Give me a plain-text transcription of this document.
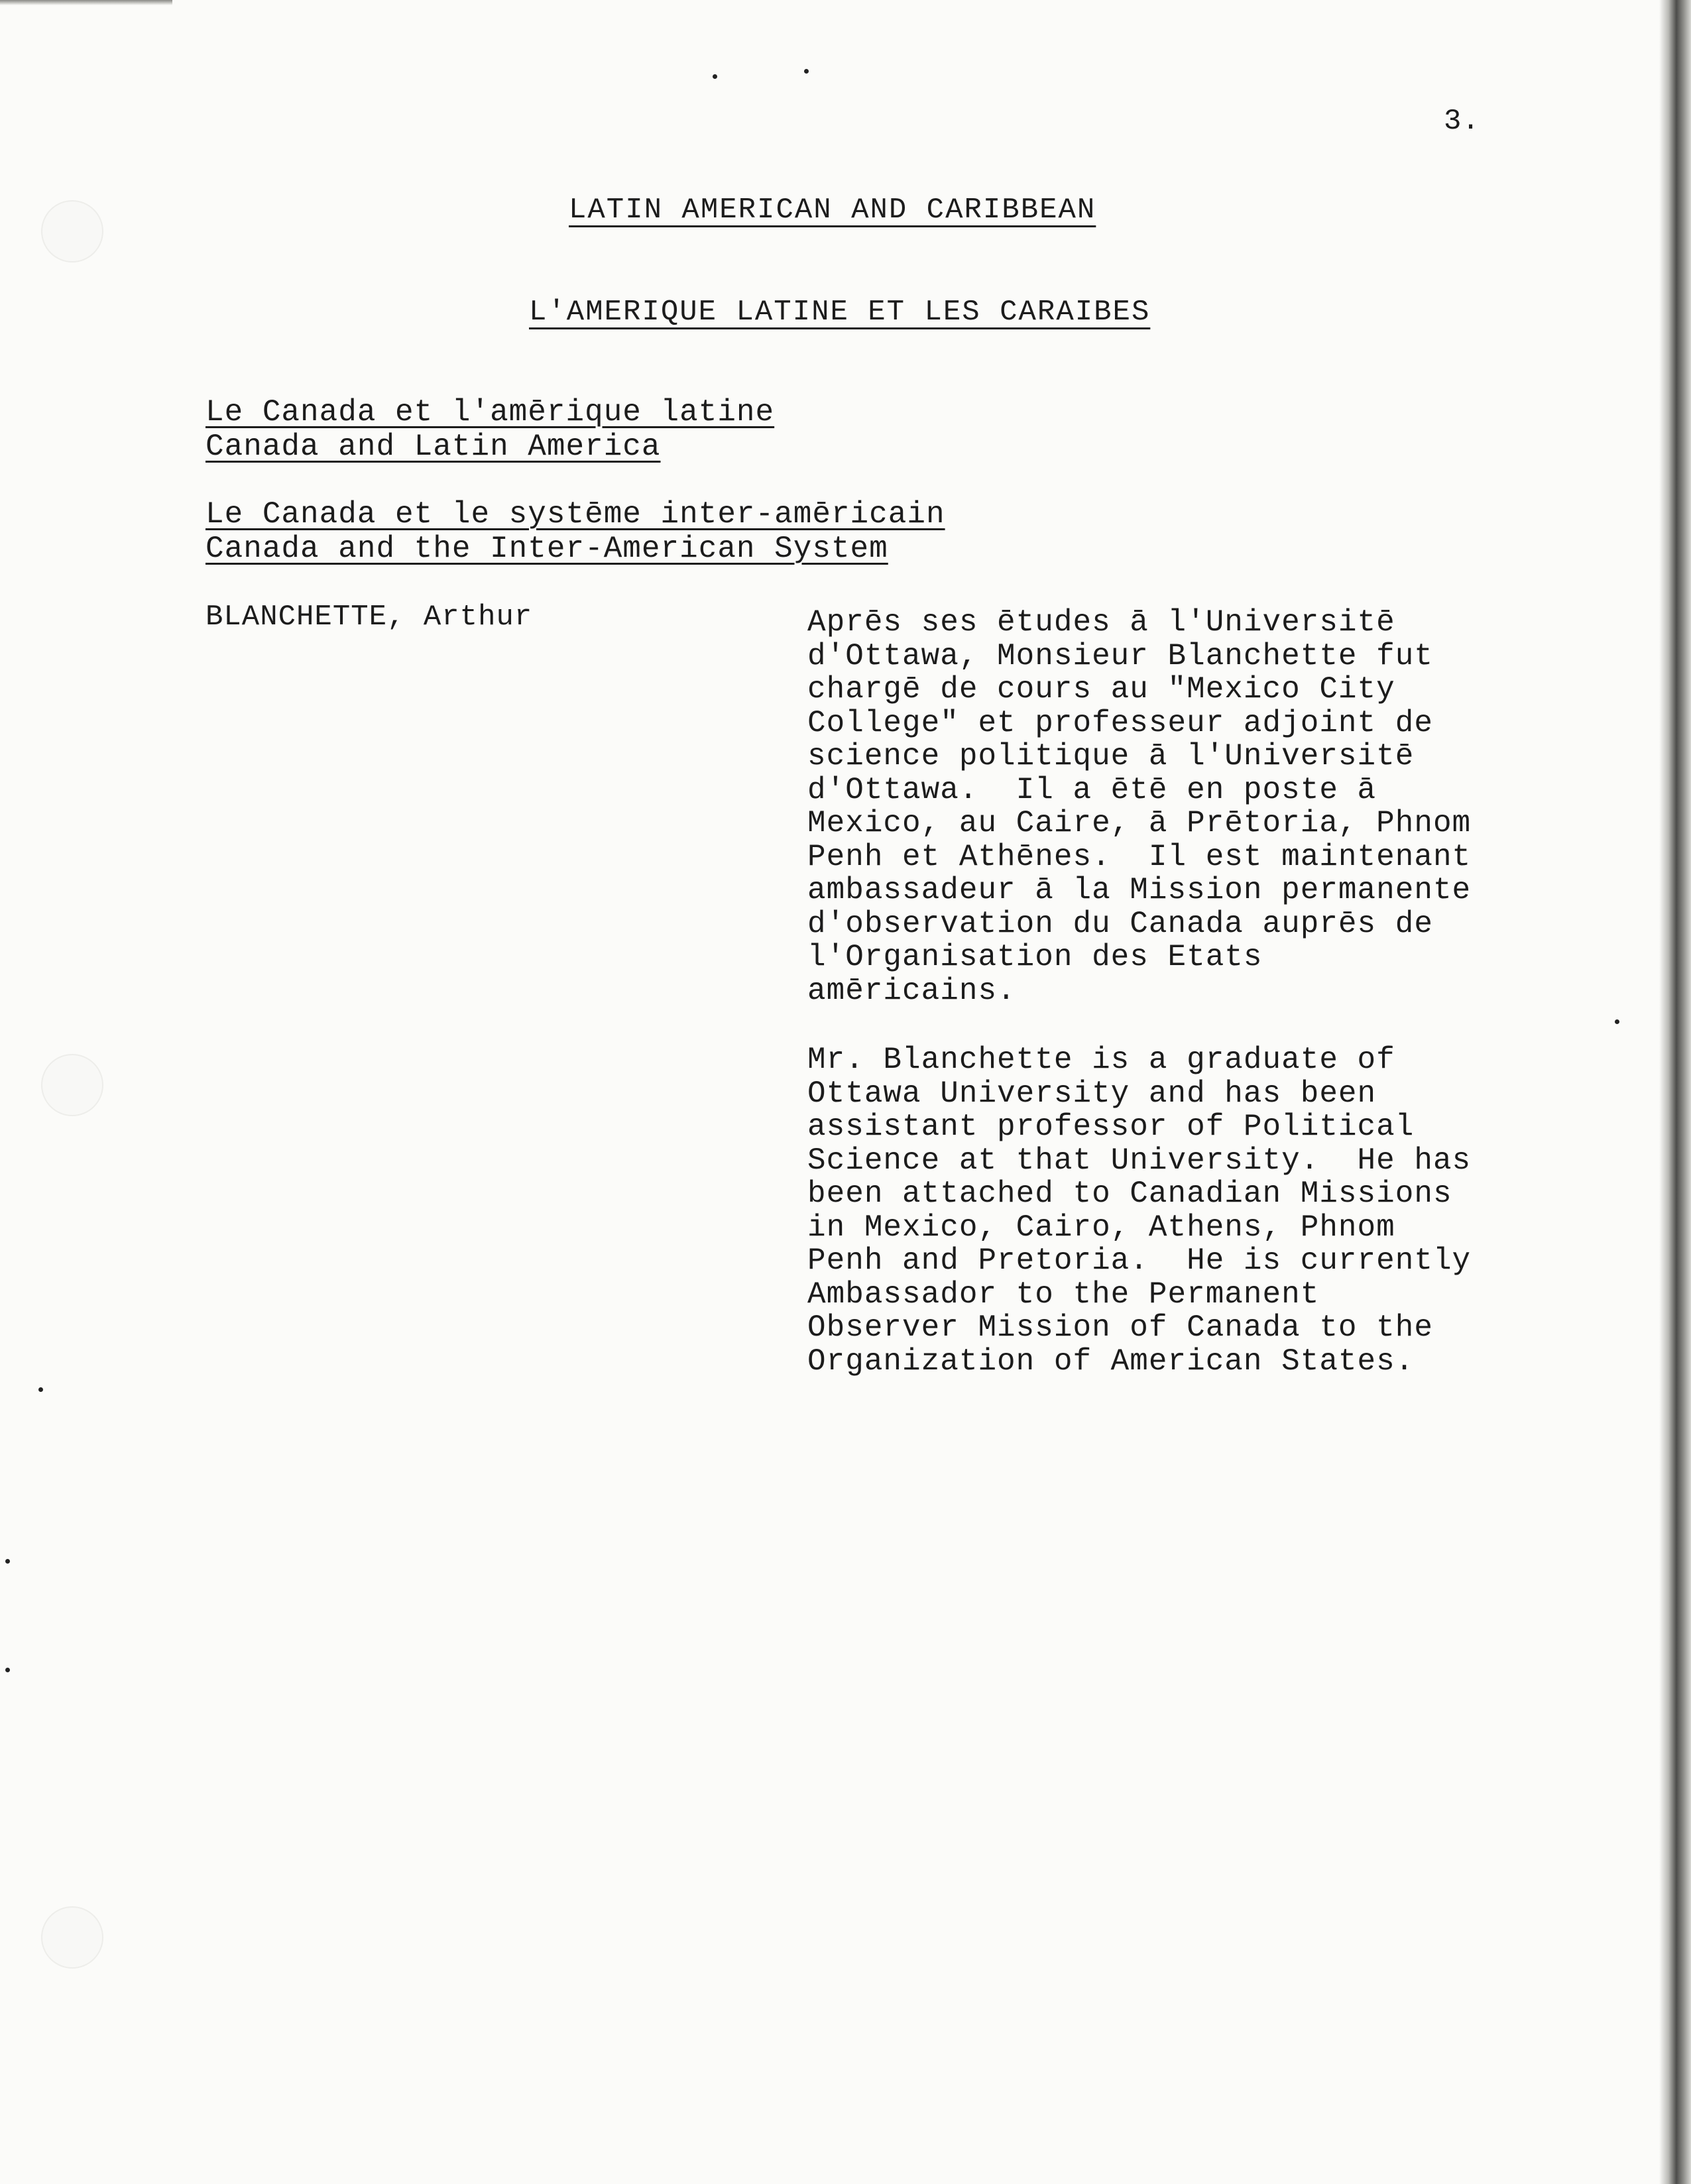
3.
LATIN AMERICAN AND CARIBBEAN
L'AMERIQUE LATINE ET LES CARAIBES
Le Canada et l'amērique latine
Canada and Latin America
Le Canada et le systēme inter-amēricain
Canada and the Inter-American System
BLANCHETTE, Arthur	Aprēs ses ētudes ā l'Universitē
d'Ottawa, Monsieur Blanchette fut
chargē de cours au "Mexico City
College" et professeur adjoint de
science politique ā l'Universitē
d'Ottawa.  Il a ētē en poste ā
Mexico, au Caire, ā Prētoria, Phnom
Penh et Athēnes.  Il est maintenant
ambassadeur ā la Mission permanente
d'observation du Canada auprēs de
l'Organisation des Etats
amēricains.
Mr. Blanchette is a graduate of
Ottawa University and has been
assistant professor of Political
Science at that University.  He has
been attached to Canadian Missions
in Mexico, Cairo, Athens, Phnom
Penh and Pretoria.  He is currently
Ambassador to the Permanent
Observer Mission of Canada to the
Organization of American States.
